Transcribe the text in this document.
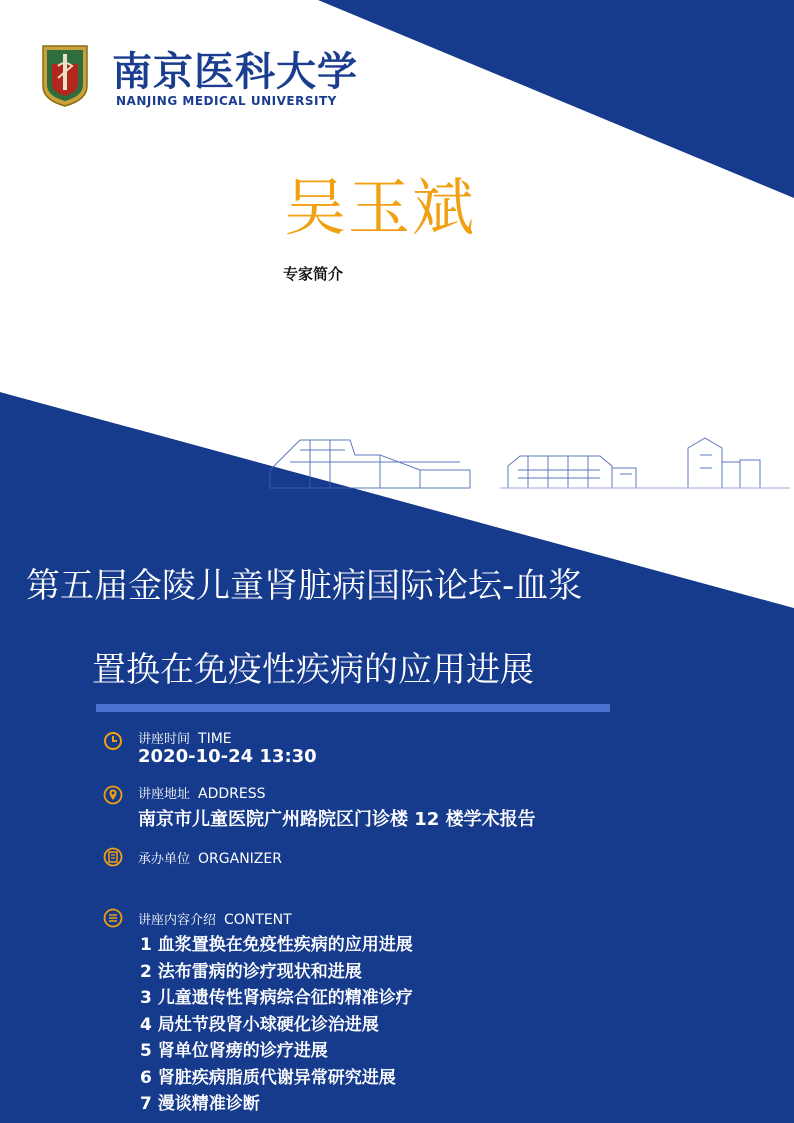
南京医科大学
NANJING MEDICAL UNIVERSITY
吴玉斌
专家简介
第五届金陵儿童肾脏病国际论坛-血浆
置换在免疫性疾病的应用进展
讲座时间 TIME
2020-10-24 13:30
讲座地址 ADDRESS
南京市儿童医院广州路院区门诊楼 12 楼学术报告
承办单位 ORGANIZER
讲座内容介绍 CONTENT
1 血浆置换在免疫性疾病的应用进展
2 法布雷病的诊疗现状和进展
3 儿童遗传性肾病综合征的精准诊疗
4 局灶节段肾小球硬化诊治进展
5 肾单位肾痨的诊疗进展
6 肾脏疾病脂质代谢异常研究进展
7 漫谈精准诊断
